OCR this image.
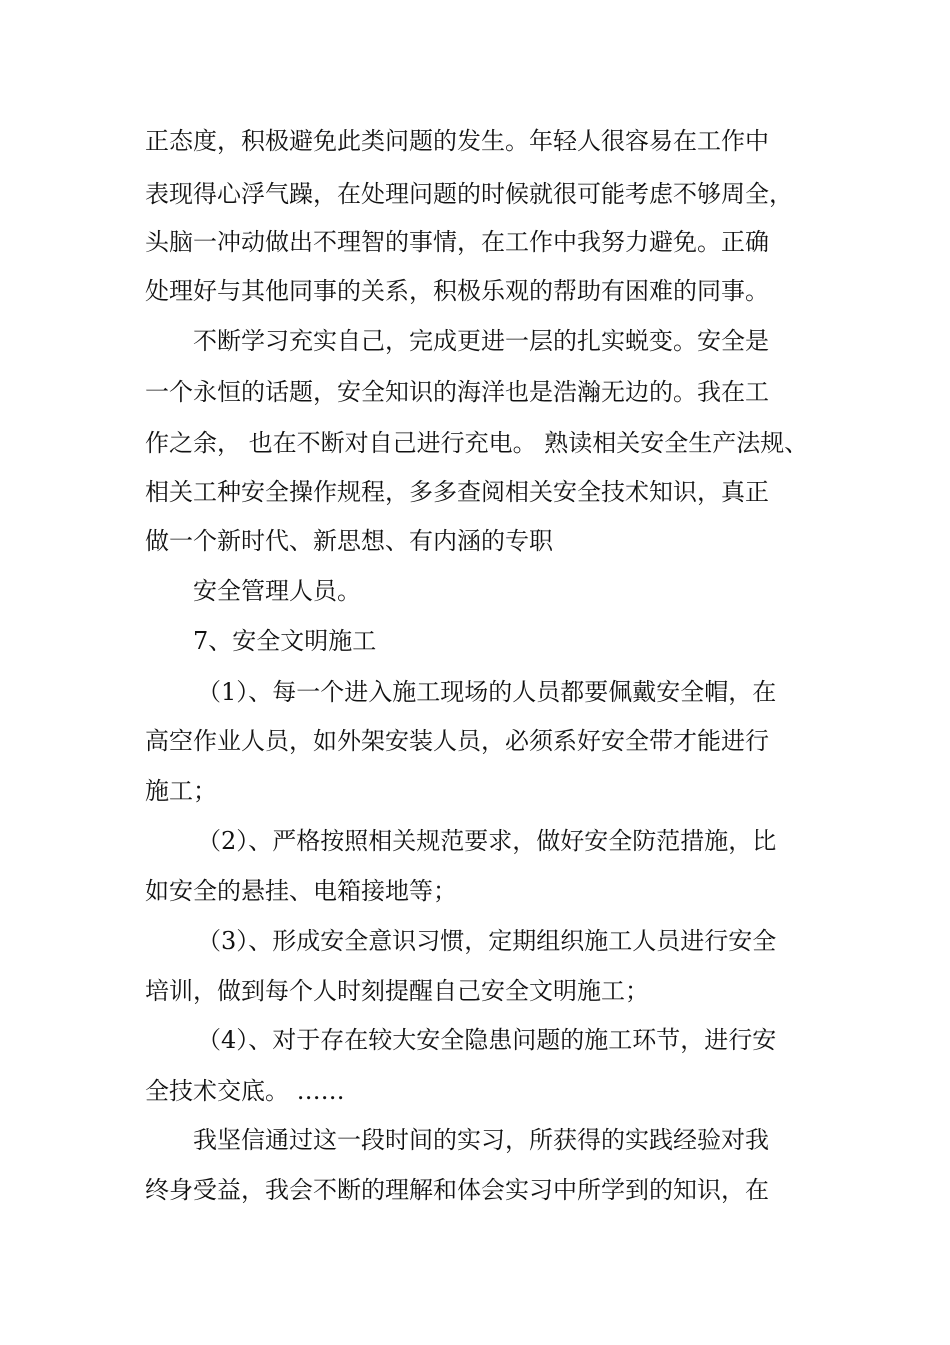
正态度，积极避免此类问题的发生。年轻人很容易在工作中

表现得心浮气躁，在处理问题的时候就很可能考虑不够周全，

头脑一冲动做出不理智的事情，在工作中我努力避免。正确

处理好与其他同事的关系，积极乐观的帮助有困难的同事。

不断学习充实自己，完成更进一层的扎实蜕变。安全是

一个永恒的话题，安全知识的海洋也是浩瀚无边的。我在工

作之余， 也在不断对自己进行充电。 熟读相关安全生产法规、

相关工种安全操作规程，多多查阅相关安全技术知识，真正

做一个新时代、新思想、有内涵的专职

安全管理人员。

7、安全文明施工

（1）、每一个进入施工现场的人员都要佩戴安全帽，在

高空作业人员，如外架安装人员，必须系好安全带才能进行

施工；

（2）、严格按照相关规范要求，做好安全防范措施，比

如安全的悬挂、电箱接地等；

（3）、形成安全意识习惯，定期组织施工人员进行安全

培训，做到每个人时刻提醒自己安全文明施工；

（4）、对于存在较大安全隐患问题的施工环节，进行安

全技术交底。 ……

我坚信通过这一段时间的实习，所获得的实践经验对我

终身受益，我会不断的理解和体会实习中所学到的知识，在
